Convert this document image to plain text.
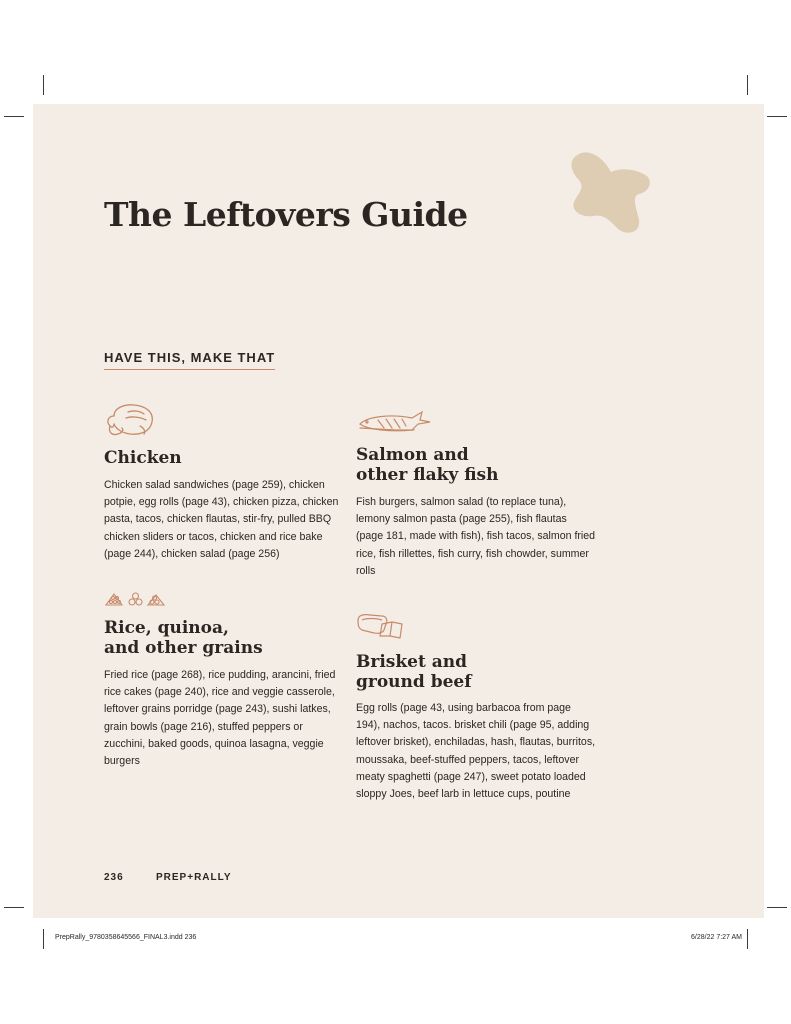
The Leftovers Guide
HAVE THIS, MAKE THAT
Chicken
Chicken salad sandwiches (page 259), chicken potpie, egg rolls (page 43), chicken pizza, chicken pasta, tacos, chicken flautas, stir-fry, pulled BBQ chicken sliders or tacos, chicken and rice bake (page 244), chicken salad (page 256)
Rice, quinoa,
and other grains
Fried rice (page 268), rice pudding, arancini, fried rice cakes (page 240), rice and veggie casserole, leftover grains porridge (page 243), sushi latkes, grain bowls (page 216), stuffed peppers or zucchini, baked goods, quinoa lasagna, veggie burgers
Salmon and
other flaky fish
Fish burgers, salmon salad (to replace tuna), lemony salmon pasta (page 255), fish flautas (page 181, made with fish), fish tacos, salmon fried rice, fish rillettes, fish curry, fish chowder, summer rolls
Brisket and
ground beef
Egg rolls (page 43, using barbacoa from page 194), nachos, tacos. brisket chili (page 95, adding leftover brisket), enchiladas, hash, flautas, burritos, moussaka, beef-stuffed peppers, tacos, leftover meaty spaghetti (page 247), sweet potato loaded sloppy Joes, beef larb in lettuce cups, poutine
236	PREP+RALLY
PrepRally_9780358645566_FINAL3.indd 236	6/28/22 7:27 AM
